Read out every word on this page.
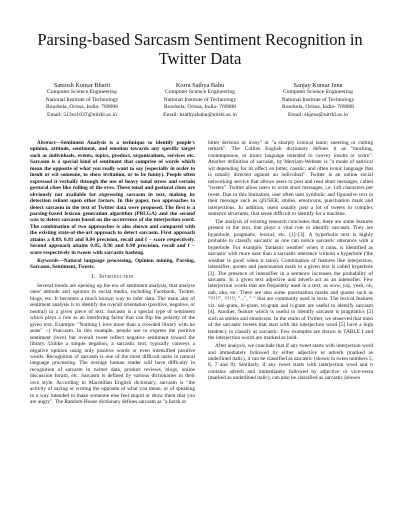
Parsing-based Sarcasm Sentiment Recognition in Twitter Data
Santosh Kumar Bharti
Computer Science Engineering
National Institute of Technology
Rourkela, Orissa, India- 769008
Email: 513cs1037@nitrkl.ac.in
Korra Sathya Babu
Computer Science Engineering
National Institute of Technology
Rourkela, Orissa, India- 769008
Email: ksathyababu@nitrkl.ac.in
Sanjay Kumar Jena
Computer Science Engineering
National Institute of Technology
Rourkela, Orissa, India- 769008
Email: skjena@nitrkl.ac.in

Abstract—Sentiment Analysis is a technique to identify people's opinion, attitude, sentiment, and emotion towards any specific target such as individuals, events, topics, product, organizations, services etc. Sarcasm is a special kind of sentiment that comprise of words which mean the opposite of what you really want to say (especially in order to insult or wit someone, to show irritation, or to be funny). People often expressed it verbally through the use of heavy tonal stress and certain gestural clues like rolling of the eyes. These tonal and gestural clues are obviously not available for expressing sarcasm in text, making its detection reliant upon other factors. In this paper, two approaches to detect sarcasm in the text of Twitter data were proposed. The first is a parsing-based lexicon generation algorithm (PBLGA) and the second was to detect sarcasm based on the occurrence of the interjection word. The combination of two approaches is also shown and compared with the existing state-of-the-art approach to detect sarcasm. First approach attains a 0.89, 0.81 and 0.84 precision, recall and f − score respectively. Second approach attains 0.85, 0.96 and 0.90 precision, recall and f − score respectively in tweets with sarcastic hashtag.

Keywords—Natural language processing, Opinion mining, Parsing, Sarcasm, Sentiment, Tweets.

I. Introduction

Several trends are opening up the era of sentiment analysis, that analyse ones' attitude and opinion in social media, including Facebook, Twitter, blogs, etc. It becomes a much known way to infer data. The main aim of sentiment analysis is to identify the overall orientation (positive, negative, or neutral) in a given piece of text. Sarcasm is a special type of sentiment which plays a role as an interfering factor that can flip the polarity of the given text. Example: "Nothing I love more than a crowded library with no seats" :-) #sarcasm. In this example, people use to express the positive sentiment (love) but overall tweet reflect negative sentiment toward the library. Unlike a simple negation, a sarcastic text, typically conveys a negative opinion using only positive words or even intensified positive words. Recognition of sarcasm is one of the most difficult tasks in natural language processing. The average human reader will have difficulty in recognition of sarcasm in twitter data, product reviews, blogs, online discussion forum, etc. Sarcasm is defined by various dictionaries in their own style. According to Macmillan English dictionary, sarcasm is "the activity of saying or writing the opposite of what you mean, or of speaking in a way intended to make someone else feel stupid or show them that you are angry". The Random House dictionary defines sarcasm as "a harsh or

bitter derision or irony" or "a sharply ironical taunt; sneering or cutting remark". The Collins English dictionary defines it as "mocking, contemptuous, or ironic language intended to convey insults or scorn". Another definition of sarcasm, by Merriam-Webster is "a mode of satirical wit depending for its effect on bitter, caustic, and often ironic language that is usually directed against an individual". Twitter is an online social networking service that allows users to post and read short messages, called "tweets". Twitter allow users to write short messages, i.e. 140 characters per tweet. Due to this limitation, user often uses symbolic and figurative text in their message such as @USER, smiles, emoticons, punctuation mark and interjections. In addition, users usually post a lot of tweets in complex sentence structures, that sense difficult to identify for a machine.

The analysis of existing research concludes that, there are some features present in the text, that plays a vital role to identify sarcasm. They are hyperbole, pragmatic, lexical, etc. [1]–[3]. A hyperbolic text is highly probable to classify sarcastic as one can notice sarcastic utterance with a hyperbole. For example: 'fantastic weather' when it rains, is identified as sarcastic with more ease than a sarcastic utterance without a hyperbole ('the weather is good' when it rains). Combination of features like interjection, intensifier, quotes and punctuation mark in a given text is called hyperbole [3]. The presence of intensifier in a sentence increases the probability of sarcasm. In a given text adjective and adverb act as an intensifier. Few interjection words that are frequently used in a text, as wow, yay, yeah, oh, nah, aha, etc. There are also some punctuation marks and quotes such as "!!!!!", !!!!!!, "...", " " that are commonly used in texts. The lexical features viz. uni-gram, bi-gram, tri-gram and n-gram are useful to identify sarcasm [4]. Another, feature which is useful to identify sarcasm is pragmatics [2] such as smiles and emoticons. In the realm of Twitter, we observed that most of the sarcastic tweets that start with the interjection word [5] have a high tendency to classify as sarcastic. Few examples are shown in TABLE I and the interjection words are marked as bold.

After analysis, we conclude that if any tweet starts with interjection word and immediately followed by either adjective or adverb (marked as underlined italic), it can be classified as sarcastic (shown in tweet numbers 5, 6, 7 and 8). Similarly, if any tweet starts with interjection word and it contains adverb and immediately followed by adjective or vice-versa (marked as underlined italic), can also be classified as sarcastic (shown
